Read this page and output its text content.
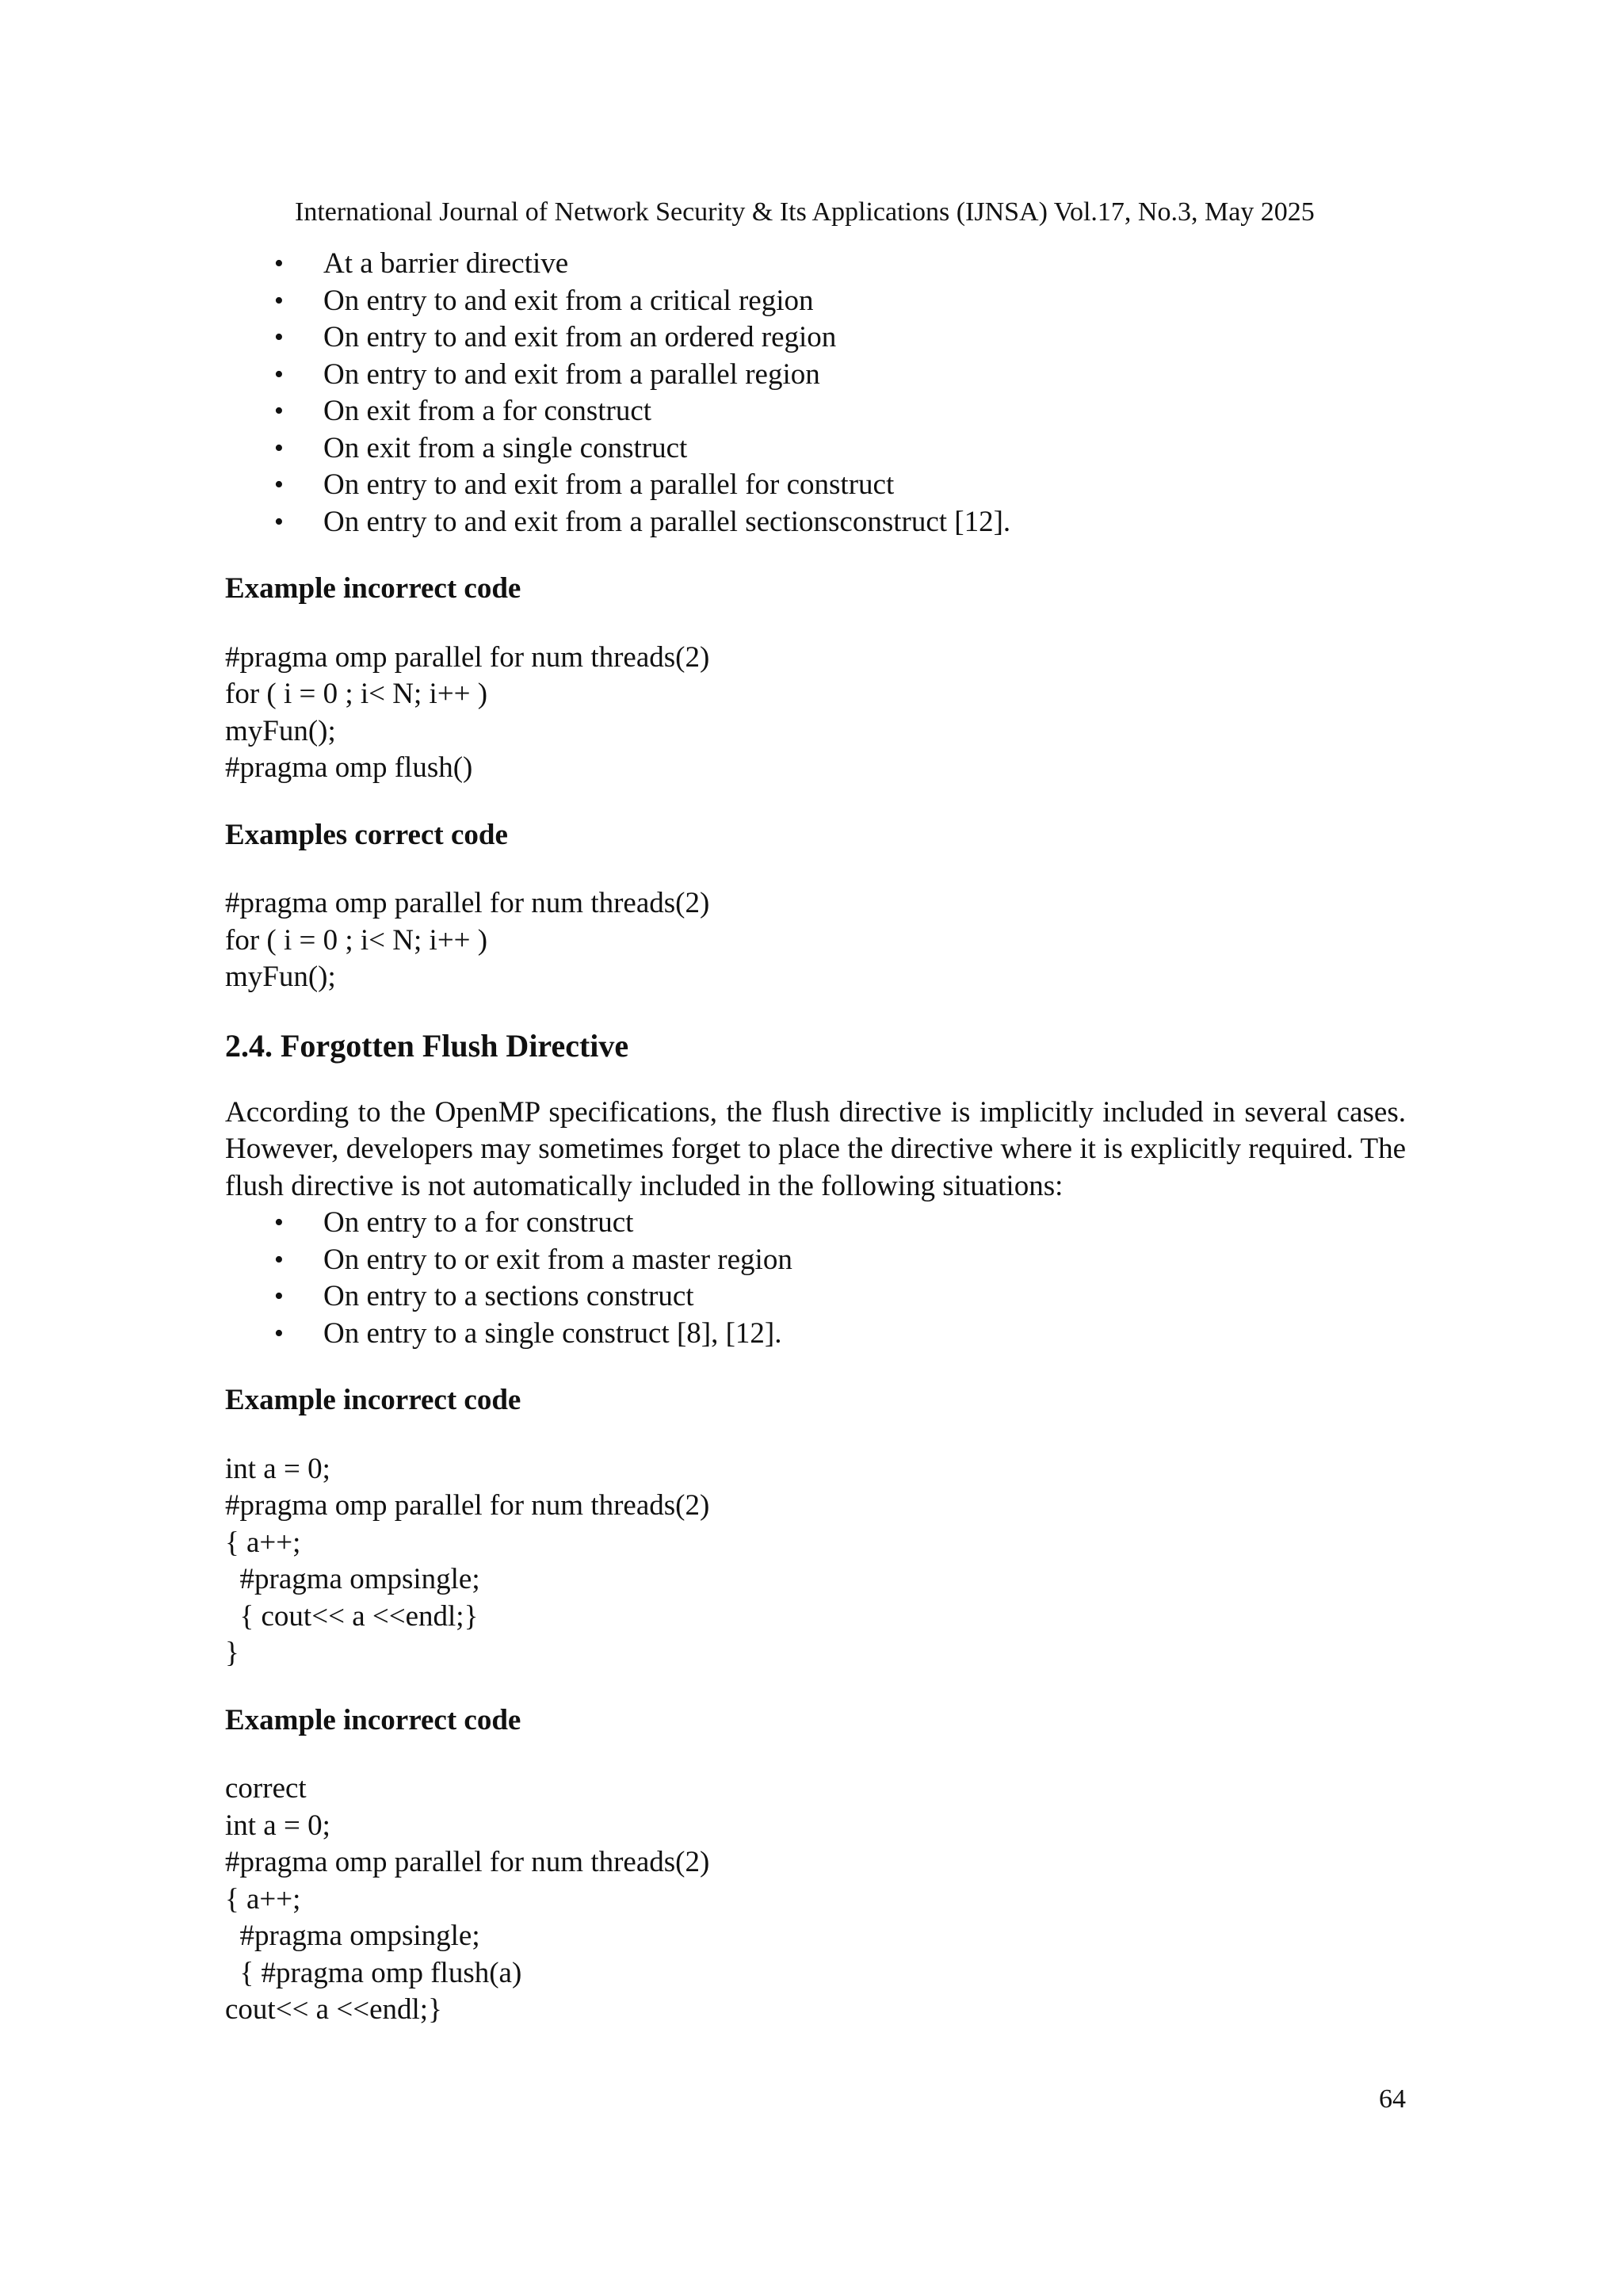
International Journal of Network Security & Its Applications (IJNSA) Vol.17, No.3, May 2025
• At a barrier directive
• On entry to and exit from a critical region
• On entry to and exit from an ordered region
• On entry to and exit from a parallel region
• On exit from a for construct
• On exit from a single construct
• On entry to and exit from a parallel for construct
• On entry to and exit from a parallel sectionsconstruct [12].
Example incorrect code
#pragma omp parallel for num threads(2)
for ( i = 0 ; i< N; i++ )
myFun();
#pragma omp flush()
Examples correct code
#pragma omp parallel for num threads(2)
for ( i = 0 ; i< N; i++ )
myFun();
2.4. Forgotten Flush Directive
According to the OpenMP specifications, the flush directive is implicitly included in several cases. However, developers may sometimes forget to place the directive where it is explicitly required. The flush directive is not automatically included in the following situations:
• On entry to a for construct
• On entry to or exit from a master region
• On entry to a sections construct
• On entry to a single construct [8], [12].
Example incorrect code
int a = 0;
#pragma omp parallel for num threads(2)
{ a++;
#pragma ompsingle;
{ cout<< a <<endl;}
}
Example incorrect code
correct
int a = 0;
#pragma omp parallel for num threads(2)
{ a++;
#pragma ompsingle;
{ #pragma omp flush(a)
cout<< a <<endl;}
64
